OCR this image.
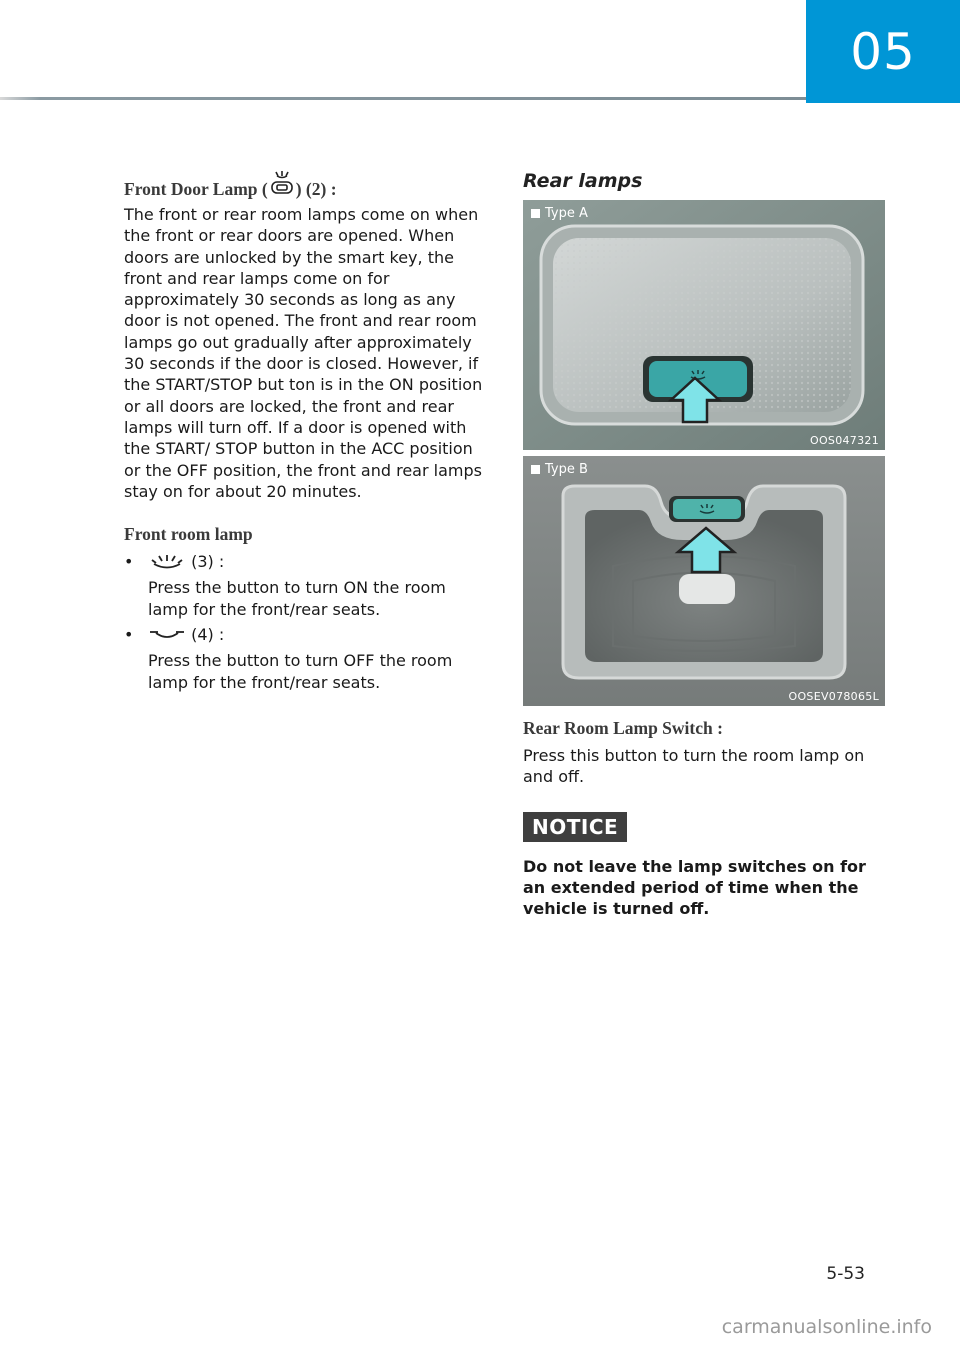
05
Front Door Lamp ( ) (2) :

The front or rear room lamps come on when the front or rear doors are opened. When doors are unlocked by the smart key, the front and rear lamps come on for approximately 30 seconds as long as any door is not opened. The front and rear room lamps go out gradually after approximately 30 seconds if the door is closed. However, if the START/STOP but ton is in the ON position or all doors are locked, the front and rear lamps will turn off. If a door is opened with the START/ STOP button in the ACC position or the OFF position, the front and rear lamps stay on for about 20 minutes.

Front room lamp
•	(3) :
Press the button to turn ON the room lamp for the front/rear seats.
•	(4) :
Press the button to turn OFF the room lamp for the front/rear seats.
Rear lamps
Type A
OOS047321
Type B
OOSEV078065L
Rear Room Lamp Switch :

Press this button to turn the room lamp on and off.

NOTICE
Do not leave the lamp switches on for an extended period of time when the vehicle is turned off.
5-53
carmanualsonline.info
